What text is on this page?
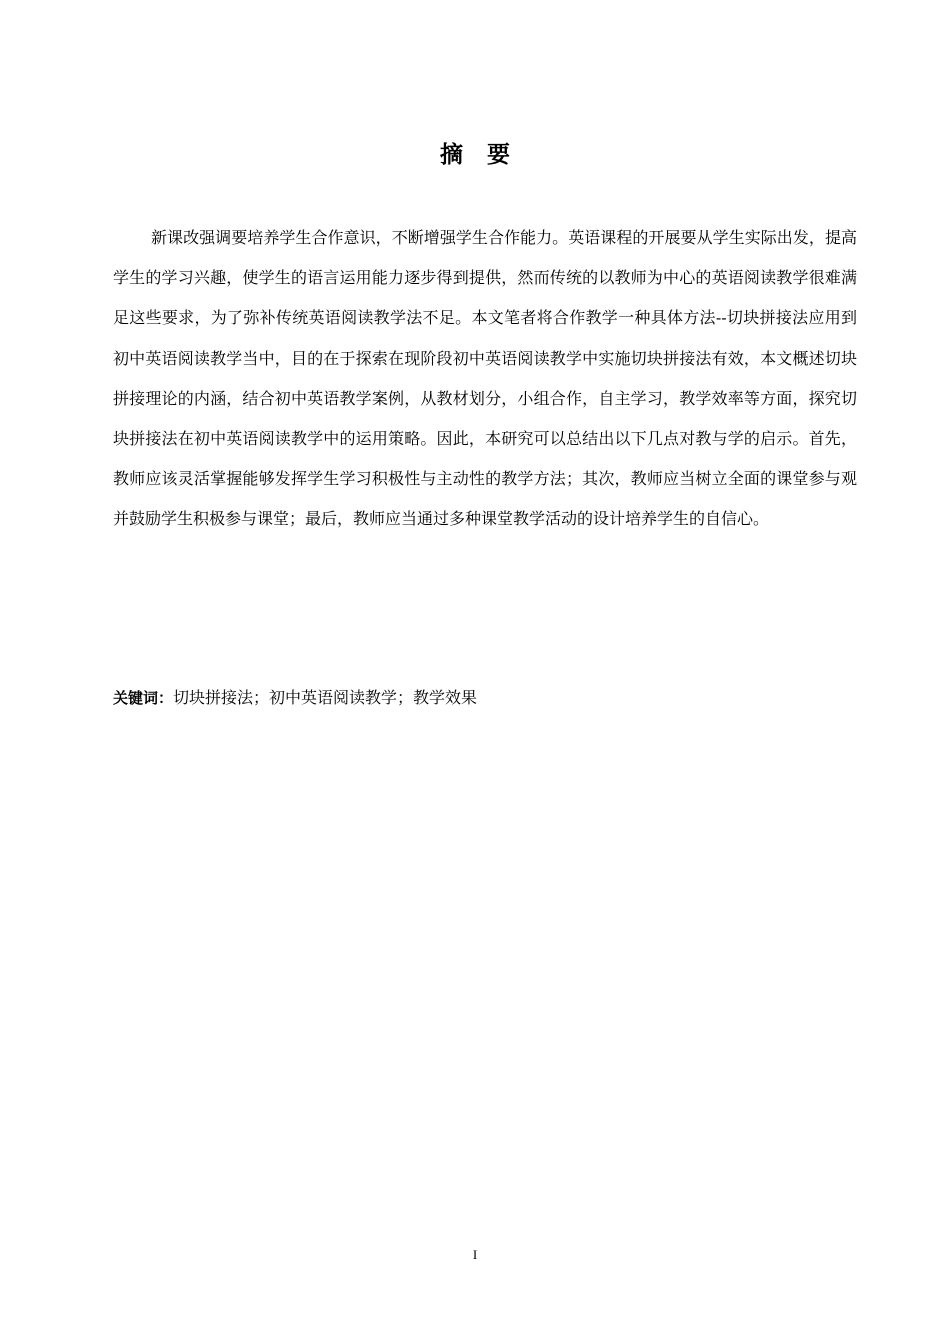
摘 要

新课改强调要培养学生合作意识，不断增强学生合作能力。英语课程的开展要从学生实际出发，提高学生的学习兴趣，使学生的语言运用能力逐步得到提供，然而传统的以教师为中心的英语阅读教学很难满足这些要求，为了弥补传统英语阅读教学法不足。本文笔者将合作教学一种具体方法--切块拼接法应用到初中英语阅读教学当中，目的在于探索在现阶段初中英语阅读教学中实施切块拼接法有效，本文概述切块拼接理论的内涵，结合初中英语教学案例，从教材划分，小组合作，自主学习，教学效率等方面，探究切块拼接法在初中英语阅读教学中的运用策略。因此，本研究可以总结出以下几点对教与学的启示。首先，教师应该灵活掌握能够发挥学生学习积极性与主动性的教学方法；其次，教师应当树立全面的课堂参与观并鼓励学生积极参与课堂；最后，教师应当通过多种课堂教学活动的设计培养学生的自信心。

关键词：切块拼接法；初中英语阅读教学；教学效果

I
